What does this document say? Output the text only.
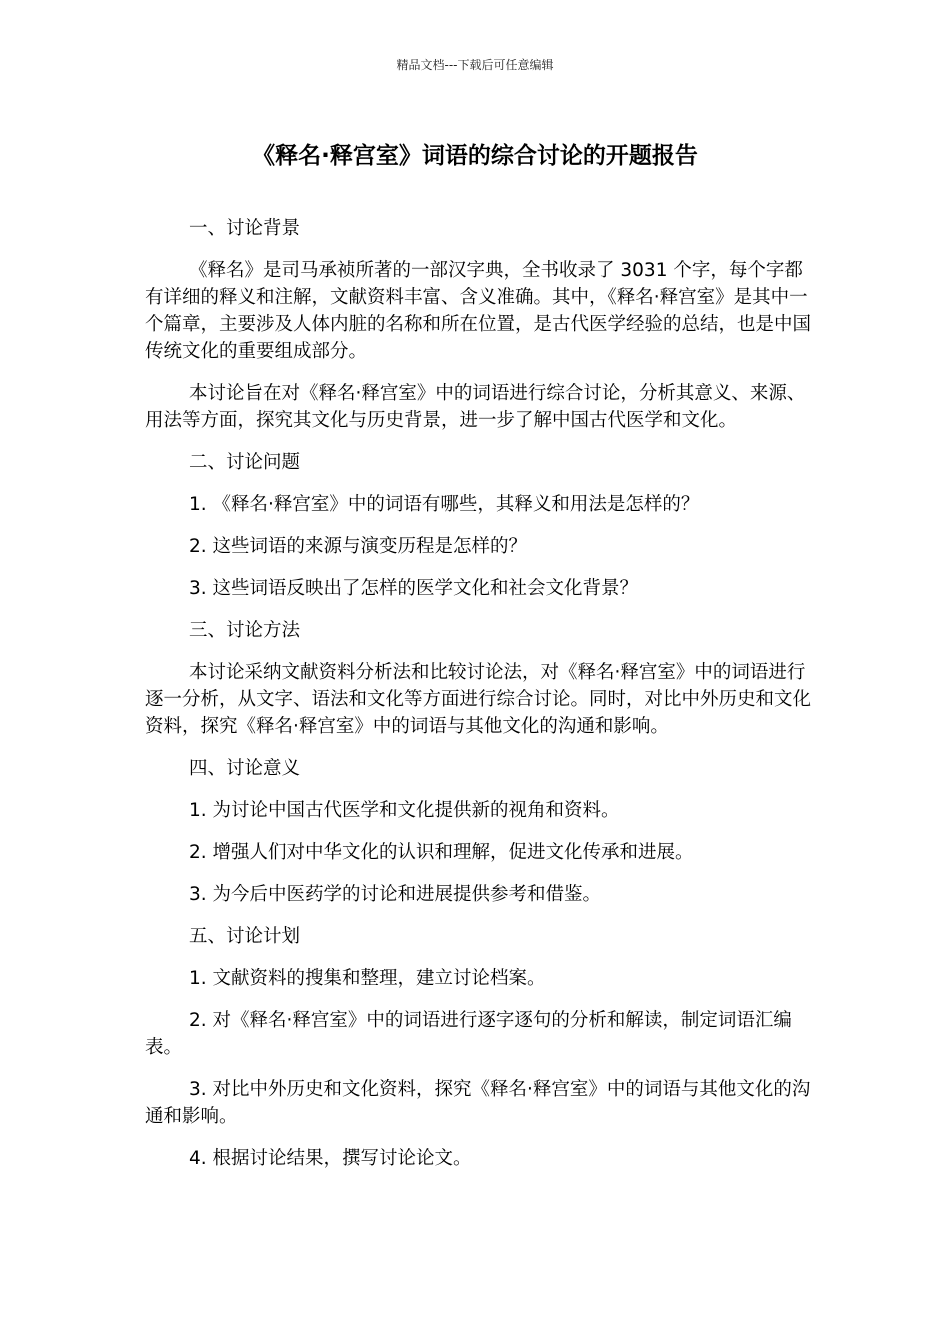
精品文档---下载后可任意编辑
《释名·释宫室》词语的综合讨论的开题报告

一、讨论背景

《释名》是司马承祯所著的一部汉字典，全书收录了 3031 个字，每个字都有详细的释义和注解，文献资料丰富、含义准确。其中，《释名·释宫室》是其中一个篇章，主要涉及人体内脏的名称和所在位置，是古代医学经验的总结，也是中国传统文化的重要组成部分。

本讨论旨在对《释名·释宫室》中的词语进行综合讨论，分析其意义、来源、用法等方面，探究其文化与历史背景，进一步了解中国古代医学和文化。

二、讨论问题

1. 《释名·释宫室》中的词语有哪些，其释义和用法是怎样的？

2. 这些词语的来源与演变历程是怎样的？

3. 这些词语反映出了怎样的医学文化和社会文化背景？

三、讨论方法

本讨论采纳文献资料分析法和比较讨论法，对《释名·释宫室》中的词语进行逐一分析，从文字、语法和文化等方面进行综合讨论。同时，对比中外历史和文化资料，探究《释名·释宫室》中的词语与其他文化的沟通和影响。

四、讨论意义

1. 为讨论中国古代医学和文化提供新的视角和资料。

2. 增强人们对中华文化的认识和理解，促进文化传承和进展。

3. 为今后中医药学的讨论和进展提供参考和借鉴。

五、讨论计划

1. 文献资料的搜集和整理，建立讨论档案。

2. 对《释名·释宫室》中的词语进行逐字逐句的分析和解读，制定词语汇编表。

3. 对比中外历史和文化资料，探究《释名·释宫室》中的词语与其他文化的沟通和影响。

4. 根据讨论结果，撰写讨论论文。
